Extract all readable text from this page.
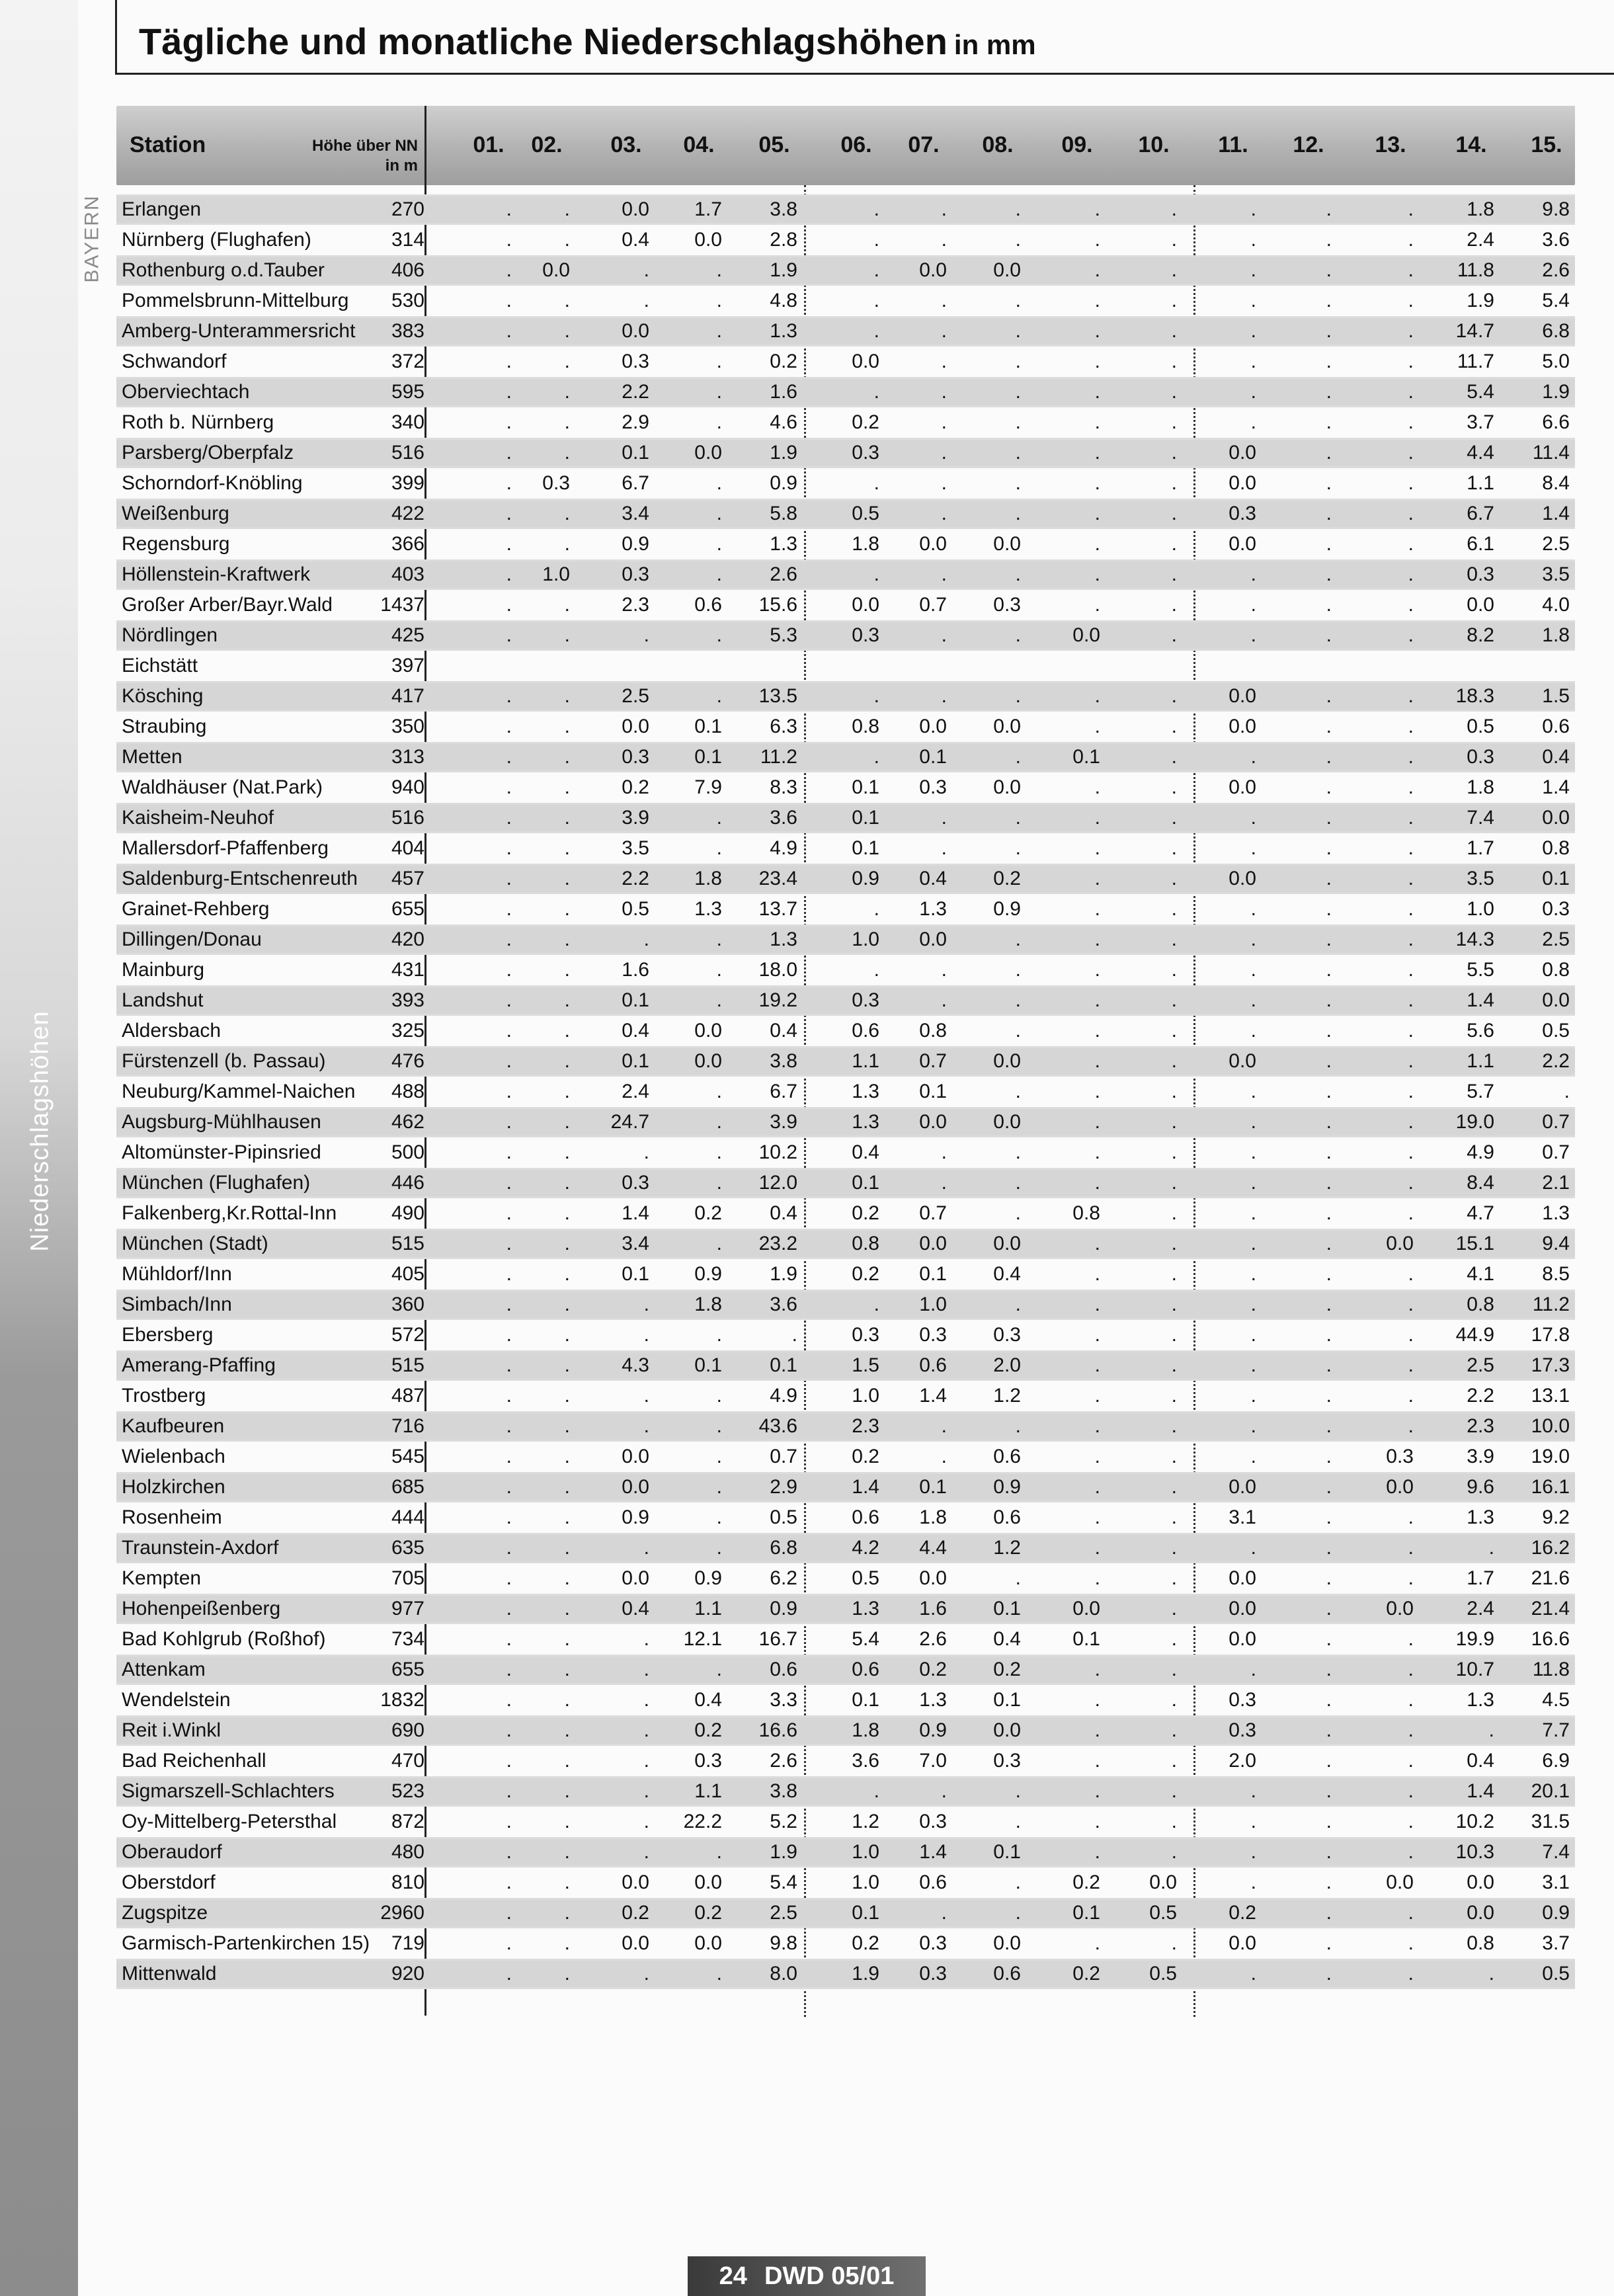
Niederschlagshöhen
BAYERN
Tägliche und monatliche Niederschlagshöhen in mm
Station	Höhe über NN
in m
01.	02.	03.	04.	05.	06.	07.	08.	09.	10.	11.	12.	13.	14.	15.
Erlangen	270	.	.	0.0	1.7	3.8	.	.	.	.	.	.	.	.	1.8	9.8
Nürnberg (Flughafen)	314	.	.	0.4	0.0	2.8	.	.	.	.	.	.	.	.	2.4	3.6
Rothenburg o.d.Tauber	406	.	0.0	.	.	1.9	.	0.0	0.0	.	.	.	.	.	11.8	2.6
Pommelsbrunn-Mittelburg	530	.	.	.	.	4.8	.	.	.	.	.	.	.	.	1.9	5.4
Amberg-Unterammersricht	383	.	.	0.0	.	1.3	.	.	.	.	.	.	.	.	14.7	6.8
Schwandorf	372	.	.	0.3	.	0.2	0.0	.	.	.	.	.	.	.	11.7	5.0
Oberviechtach	595	.	.	2.2	.	1.6	.	.	.	.	.	.	.	.	5.4	1.9
Roth b. Nürnberg	340	.	.	2.9	.	4.6	0.2	.	.	.	.	.	.	.	3.7	6.6
Parsberg/Oberpfalz	516	.	.	0.1	0.0	1.9	0.3	.	.	.	.	0.0	.	.	4.4	11.4
Schorndorf-Knöbling	399	.	0.3	6.7	.	0.9	.	.	.	.	.	0.0	.	.	1.1	8.4
Weißenburg	422	.	.	3.4	.	5.8	0.5	.	.	.	.	0.3	.	.	6.7	1.4
Regensburg	366	.	.	0.9	.	1.3	1.8	0.0	0.0	.	.	0.0	.	.	6.1	2.5
Höllenstein-Kraftwerk	403	.	1.0	0.3	.	2.6	.	.	.	.	.	.	.	.	0.3	3.5
Großer Arber/Bayr.Wald	1437	.	.	2.3	0.6	15.6	0.0	0.7	0.3	.	.	.	.	.	0.0	4.0
Nördlingen	425	.	.	.	.	5.3	0.3	.	.	0.0	.	.	.	.	8.2	1.8
Eichstätt	397
Kösching	417	.	.	2.5	.	13.5	.	.	.	.	.	0.0	.	.	18.3	1.5
Straubing	350	.	.	0.0	0.1	6.3	0.8	0.0	0.0	.	.	0.0	.	.	0.5	0.6
Metten	313	.	.	0.3	0.1	11.2	.	0.1	.	0.1	.	.	.	.	0.3	0.4
Waldhäuser (Nat.Park)	940	.	.	0.2	7.9	8.3	0.1	0.3	0.0	.	.	0.0	.	.	1.8	1.4
Kaisheim-Neuhof	516	.	.	3.9	.	3.6	0.1	.	.	.	.	.	.	.	7.4	0.0
Mallersdorf-Pfaffenberg	404	.	.	3.5	.	4.9	0.1	.	.	.	.	.	.	.	1.7	0.8
Saldenburg-Entschenreuth	457	.	.	2.2	1.8	23.4	0.9	0.4	0.2	.	.	0.0	.	.	3.5	0.1
Grainet-Rehberg	655	.	.	0.5	1.3	13.7	.	1.3	0.9	.	.	.	.	.	1.0	0.3
Dillingen/Donau	420	.	.	.	.	1.3	1.0	0.0	.	.	.	.	.	.	14.3	2.5
Mainburg	431	.	.	1.6	.	18.0	.	.	.	.	.	.	.	.	5.5	0.8
Landshut	393	.	.	0.1	.	19.2	0.3	.	.	.	.	.	.	.	1.4	0.0
Aldersbach	325	.	.	0.4	0.0	0.4	0.6	0.8	.	.	.	.	.	.	5.6	0.5
Fürstenzell (b. Passau)	476	.	.	0.1	0.0	3.8	1.1	0.7	0.0	.	.	0.0	.	.	1.1	2.2
Neuburg/Kammel-Naichen	488	.	.	2.4	.	6.7	1.3	0.1	.	.	.	.	.	.	5.7	.
Augsburg-Mühlhausen	462	.	.	24.7	.	3.9	1.3	0.0	0.0	.	.	.	.	.	19.0	0.7
Altomünster-Pipinsried	500	.	.	.	.	10.2	0.4	.	.	.	.	.	.	.	4.9	0.7
München (Flughafen)	446	.	.	0.3	.	12.0	0.1	.	.	.	.	.	.	.	8.4	2.1
Falkenberg,Kr.Rottal-Inn	490	.	.	1.4	0.2	0.4	0.2	0.7	.	0.8	.	.	.	.	4.7	1.3
München (Stadt)	515	.	.	3.4	.	23.2	0.8	0.0	0.0	.	.	.	.	0.0	15.1	9.4
Mühldorf/Inn	405	.	.	0.1	0.9	1.9	0.2	0.1	0.4	.	.	.	.	.	4.1	8.5
Simbach/Inn	360	.	.	.	1.8	3.6	.	1.0	.	.	.	.	.	.	0.8	11.2
Ebersberg	572	.	.	.	.	.	0.3	0.3	0.3	.	.	.	.	.	44.9	17.8
Amerang-Pfaffing	515	.	.	4.3	0.1	0.1	1.5	0.6	2.0	.	.	.	.	.	2.5	17.3
Trostberg	487	.	.	.	.	4.9	1.0	1.4	1.2	.	.	.	.	.	2.2	13.1
Kaufbeuren	716	.	.	.	.	43.6	2.3	.	.	.	.	.	.	.	2.3	10.0
Wielenbach	545	.	.	0.0	.	0.7	0.2	.	0.6	.	.	.	.	0.3	3.9	19.0
Holzkirchen	685	.	.	0.0	.	2.9	1.4	0.1	0.9	.	.	0.0	.	0.0	9.6	16.1
Rosenheim	444	.	.	0.9	.	0.5	0.6	1.8	0.6	.	.	3.1	.	.	1.3	9.2
Traunstein-Axdorf	635	.	.	.	.	6.8	4.2	4.4	1.2	.	.	.	.	.	.	16.2
Kempten	705	.	.	0.0	0.9	6.2	0.5	0.0	.	.	.	0.0	.	.	1.7	21.6
Hohenpeißenberg	977	.	.	0.4	1.1	0.9	1.3	1.6	0.1	0.0	.	0.0	.	0.0	2.4	21.4
Bad Kohlgrub (Roßhof)	734	.	.	.	12.1	16.7	5.4	2.6	0.4	0.1	.	0.0	.	.	19.9	16.6
Attenkam	655	.	.	.	.	0.6	0.6	0.2	0.2	.	.	.	.	.	10.7	11.8
Wendelstein	1832	.	.	.	0.4	3.3	0.1	1.3	0.1	.	.	0.3	.	.	1.3	4.5
Reit i.Winkl	690	.	.	.	0.2	16.6	1.8	0.9	0.0	.	.	0.3	.	.	.	7.7
Bad Reichenhall	470	.	.	.	0.3	2.6	3.6	7.0	0.3	.	.	2.0	.	.	0.4	6.9
Sigmarszell-Schlachters	523	.	.	.	1.1	3.8	.	.	.	.	.	.	.	.	1.4	20.1
Oy-Mittelberg-Petersthal	872	.	.	.	22.2	5.2	1.2	0.3	.	.	.	.	.	.	10.2	31.5
Oberaudorf	480	.	.	.	.	1.9	1.0	1.4	0.1	.	.	.	.	.	10.3	7.4
Oberstdorf	810	.	.	0.0	0.0	5.4	1.0	0.6	.	0.2	0.0	.	.	0.0	0.0	3.1
Zugspitze	2960	.	.	0.2	0.2	2.5	0.1	.	.	0.1	0.5	0.2	.	.	0.0	0.9
Garmisch-Partenkirchen 15)	719	.	.	0.0	0.0	9.8	0.2	0.3	0.0	.	.	0.0	.	.	0.8	3.7
Mittenwald	920	.	.	.	.	8.0	1.9	0.3	0.6	0.2	0.5	.	.	.	.	0.5
24 DWD 05/01
